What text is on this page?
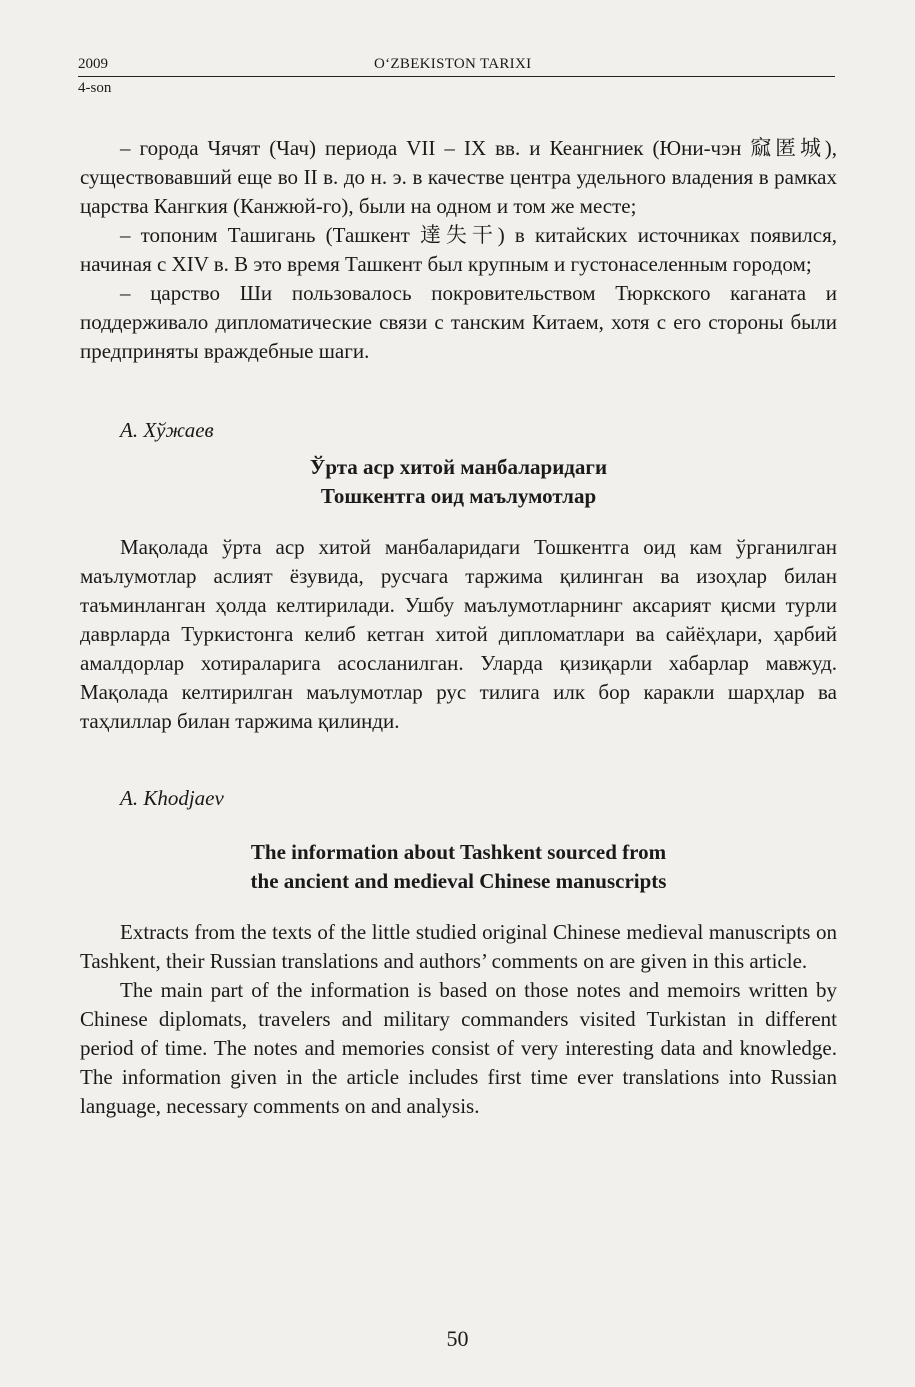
2009	O‘ZBEKISTON TARIXI
4-son

– города Чячят (Чач) периода VII – IX вв. и Кеангниек (Юни-чэн 窳匿城), существовавший еще во II в. до н. э. в качестве центра удельного владения в рамках царства Кангкия (Канжюй-го), были на одном и том же месте;

– топоним Ташигань (Ташкент 達失干) в китайских источниках появился, начиная с XIV в. В это время Ташкент был крупным и густонаселенным городом;

– царство Ши пользовалось покровительством Тюркского каганата и поддерживало дипломатические связи с танским Китаем, хотя с его стороны были предприняты враждебные шаги.

А. Хўжаев

Ўрта аср хитой манбаларидаги
Тошкентга оид маълумотлар

Мақолада ўрта аср хитой манбаларидаги Тошкентга оид кам ўрганилган маълумотлар аслият ёзувида, русчага таржима қилинган ва изоҳлар билан таъминланган ҳолда келтирилади. Ушбу маълумотларнинг аксарият қисми турли даврларда Туркистонга келиб кетган хитой дипломатлари ва сайёҳлари, ҳарбий амалдорлар хотираларига асосланилган. Уларда қизиқарли хабарлар мавжуд. Мақолада келтирилган маълумотлар рус тилига илк бор каракли шарҳлар ва таҳлиллар билан таржима қилинди.

A. Khodjaev

The information about Tashkent sourced from
the ancient and medieval Chinese manuscripts

Extracts from the texts of the little studied original Chinese medieval manuscripts on Tashkent, their Russian translations and authors’ comments on are given in this article.

The main part of the information is based on those notes and memoirs written by Chinese diplomats, travelers and military commanders visited Turkistan in different period of time. The notes and memories consist of very interesting data and knowledge. The information given in the article includes first time ever translations into Russian language, necessary comments on and analysis.

50
